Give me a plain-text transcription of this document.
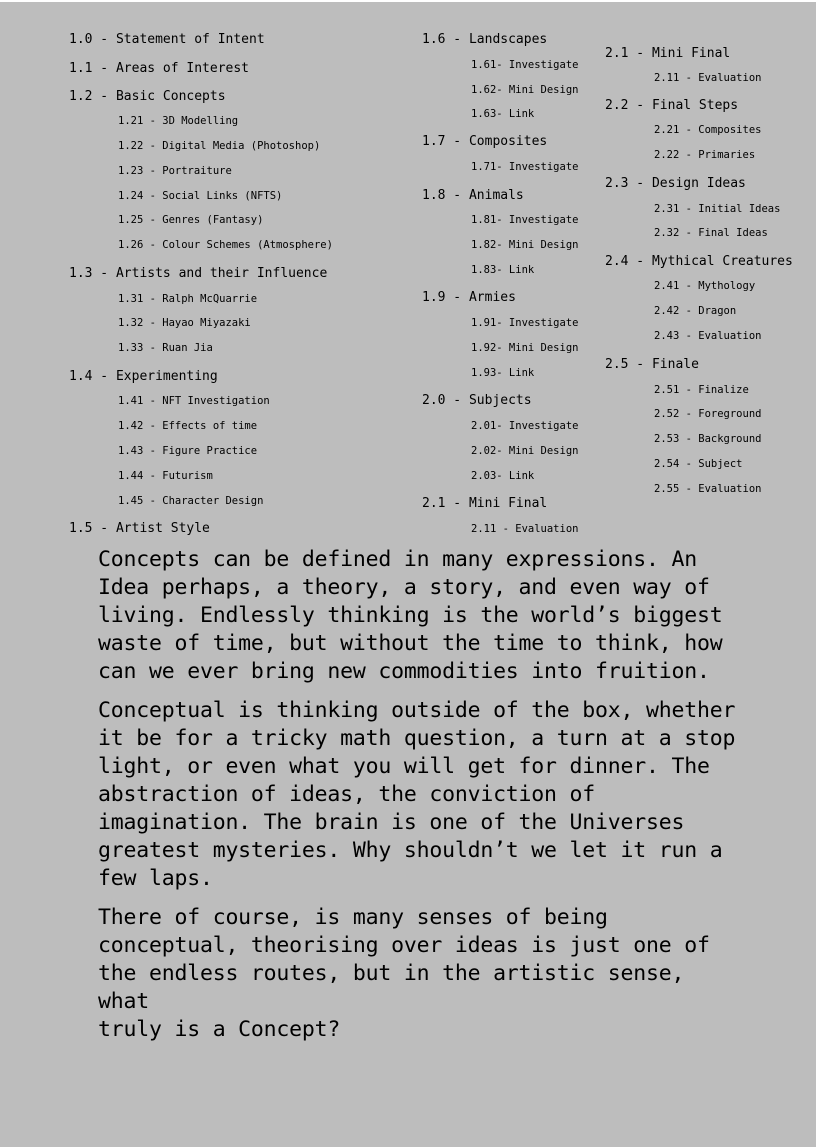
1.0 - Statement of Intent
1.1 - Areas of Interest
1.2 - Basic Concepts
1.21 - 3D Modelling
1.22 - Digital Media (Photoshop)
1.23 - Portraiture
1.24 - Social Links (NFTS)
1.25 - Genres (Fantasy)
1.26 - Colour Schemes (Atmosphere)
1.3 - Artists and their Influence
1.31 - Ralph McQuarrie
1.32 - Hayao Miyazaki
1.33 - Ruan Jia
1.4 - Experimenting
1.41 - NFT Investigation
1.42 - Effects of time
1.43 - Figure Practice
1.44 - Futurism
1.45 - Character Design
1.5 - Artist Style
1.6 - Landscapes
1.61- Investigate
1.62- Mini Design
1.63- Link
1.7 - Composites
1.71- Investigate
1.8 - Animals
1.81- Investigate
1.82- Mini Design
1.83- Link
1.9 - Armies
1.91- Investigate
1.92- Mini Design
1.93- Link
2.0 - Subjects
2.01- Investigate
2.02- Mini Design
2.03- Link
2.1 - Mini Final
2.11 - Evaluation
2.1 - Mini Final
2.11 - Evaluation
2.2 - Final Steps
2.21 - Composites
2.22 - Primaries
2.3 - Design Ideas
2.31 - Initial Ideas
2.32 - Final Ideas
2.4 - Mythical Creatures
2.41 - Mythology
2.42 - Dragon
2.43 - Evaluation
2.5 - Finale
2.51 - Finalize
2.52 - Foreground
2.53 - Background
2.54 - Subject
2.55 - Evaluation

Concepts can be defined in many expressions. An
Idea perhaps, a theory, a story, and even way of
living. Endlessly thinking is the world’s biggest
waste of time, but without the time to think, how
can we ever bring new commodities into fruition.

Conceptual is thinking outside of the box, whether
it be for a tricky math question, a turn at a stop
light, or even what you will get for dinner. The
abstraction of ideas, the conviction of
imagination. The brain is one of the Universes
greatest mysteries. Why shouldn’t we let it run a
few laps.

There of course, is many senses of being
conceptual, theorising over ideas is just one of
the endless routes, but in the artistic sense, what
truly is a Concept?
